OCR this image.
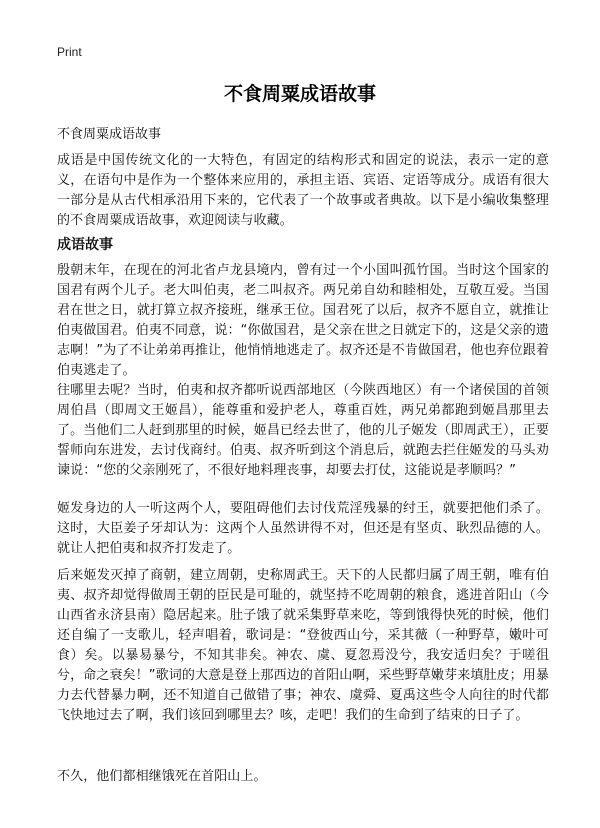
Print
不食周粟成语故事
不食周粟成语故事

成语是中国传统文化的一大特色，有固定的结构形式和固定的说法，表示一定的意义，在语句中是作为一个整体来应用的，承担主语、宾语、定语等成分。成语有很大一部分是从古代相承沿用下来的，它代表了一个故事或者典故。以下是小编收集整理的不食周粟成语故事，欢迎阅读与收藏。

成语故事

殷朝末年，在现在的河北省卢龙县境内，曾有过一个小国叫孤竹国。当时这个国家的国君有两个儿子。老大叫伯夷，老二叫叔齐。两兄弟自幼和睦相处，互敬互爱。当国君在世之日，就打算立叔齐接班，继承王位。国君死了以后，叔齐不愿自立，就推让伯夷做国君。伯夷不同意，说：“你做国君，是父亲在世之日就定下的，这是父亲的遗志啊！”为了不让弟弟再推让，他悄悄地逃走了。叔齐还是不肯做国君，他也弃位跟着伯夷逃走了。

往哪里去呢？当时，伯夷和叔齐都听说西部地区（今陕西地区）有一个诸侯国的首领周伯昌（即周文王姬昌），能尊重和爱护老人，尊重百姓，两兄弟都跑到姬昌那里去了。当他们二人赶到那里的时候，姬昌已经去世了，他的儿子姬发（即周武王），正要誓师向东进发，去讨伐商纣。伯夷、叔齐听到这个消息后，就跑去拦住姬发的马头劝谏说：“您的父亲刚死了，不很好地料理丧事，却要去打仗，这能说是孝顺吗？”

姬发身边的人一听这两个人，要阻碍他们去讨伐荒淫残暴的纣王，就要把他们杀了。这时，大臣姜子牙却认为：这两个人虽然讲得不对，但还是有坚贞、耿烈品德的人。就让人把伯夷和叔齐打发走了。

后来姬发灭掉了商朝，建立周朝，史称周武王。天下的人民都归属了周王朝，唯有伯夷、叔齐却觉得做周王朝的臣民是可耻的，就坚持不吃周朝的粮食，逃进首阳山（今山西省永济县南）隐居起来。肚子饿了就采集野草来吃，等到饿得快死的时候，他们还自编了一支歌儿，轻声唱着，歌词是：“登彼西山兮，采其薇（一种野草，嫩叶可食）矣。以暴易暴兮，不知其非矣。神农、虞、夏忽焉没兮，我安适归矣？于嗟徂兮，命之衰矣！”歌词的大意是登上那西边的首阳山啊，采些野草嫩芽来填肚皮；用暴力去代替暴力啊，还不知道自己做错了事；神农、虞舜、夏禹这些令人向往的时代都飞快地过去了啊，我们该回到哪里去？咳，走吧！我们的生命到了结束的日子了。

不久，他们都相继饿死在首阳山上。
